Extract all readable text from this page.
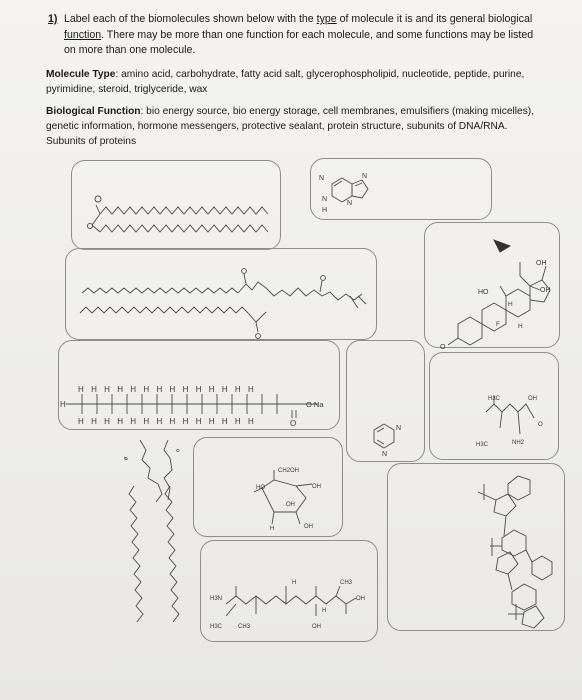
1) Label each of the biomolecules shown below with the type of molecule it is and its general biological function. There may be more than one function for each molecule, and some functions may be listed on more than one molecule.
Molecule Type: amino acid, carbohydrate, fatty acid salt, glycerophospholipid, nucleotide, peptide, purine, pyrimidine, steroid, triglyceride, wax
Biological Function: bio energy source, bio energy storage, cell membranes, emulsifiers (making micelles), genetic information, hormone messengers, protective sealant, protein structure, subunits of DNA/RNA. Subunits of proteins
N	N
N
N
H
OH
OH
HO
O
H
H
F
HHHHHHHHHHHHHH
HHHHHHHHHHHHHH
H
O
O Na
N
N
H3C	OH
O
H3C	NH2
ᴓ
ᴑ
CH2OH
HO	OH
OH
OH
H
H3N
CH3
CH3
H3C	OH
OH
H
H
